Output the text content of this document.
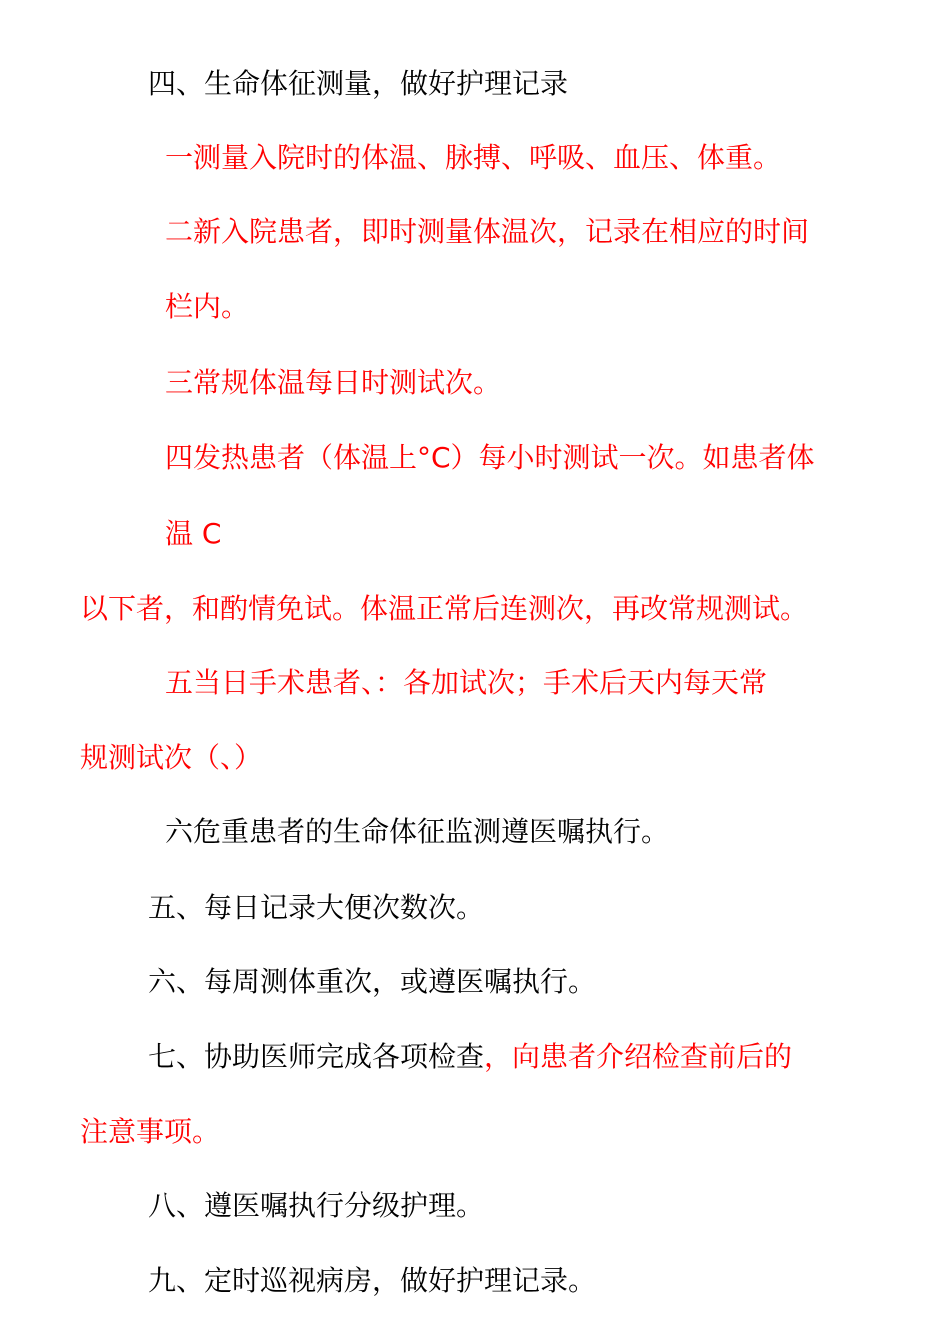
四、生命体征测量，做好护理记录
一测量入院时的体温、脉搏、呼吸、血压、体重。
二新入院患者，即时测量体温次，记录在相应的时间
栏内。
三常规体温每日时测试次。
四发热患者（体温上°C）每小时测试一次。如患者体
温 C
以下者，和酌情免试。体温正常后连测次，再改常规测试。
五当日手术患者、：各加试次；手术后天内每天常
规测试次（、）
六危重患者的生命体征监测遵医嘱执行。
五、每日记录大便次数次。
六、每周测体重次，或遵医嘱执行。
七、协助医师完成各项检查，向患者介绍检查前后的
注意事项。
八、遵医嘱执行分级护理。
九、定时巡视病房，做好护理记录。
